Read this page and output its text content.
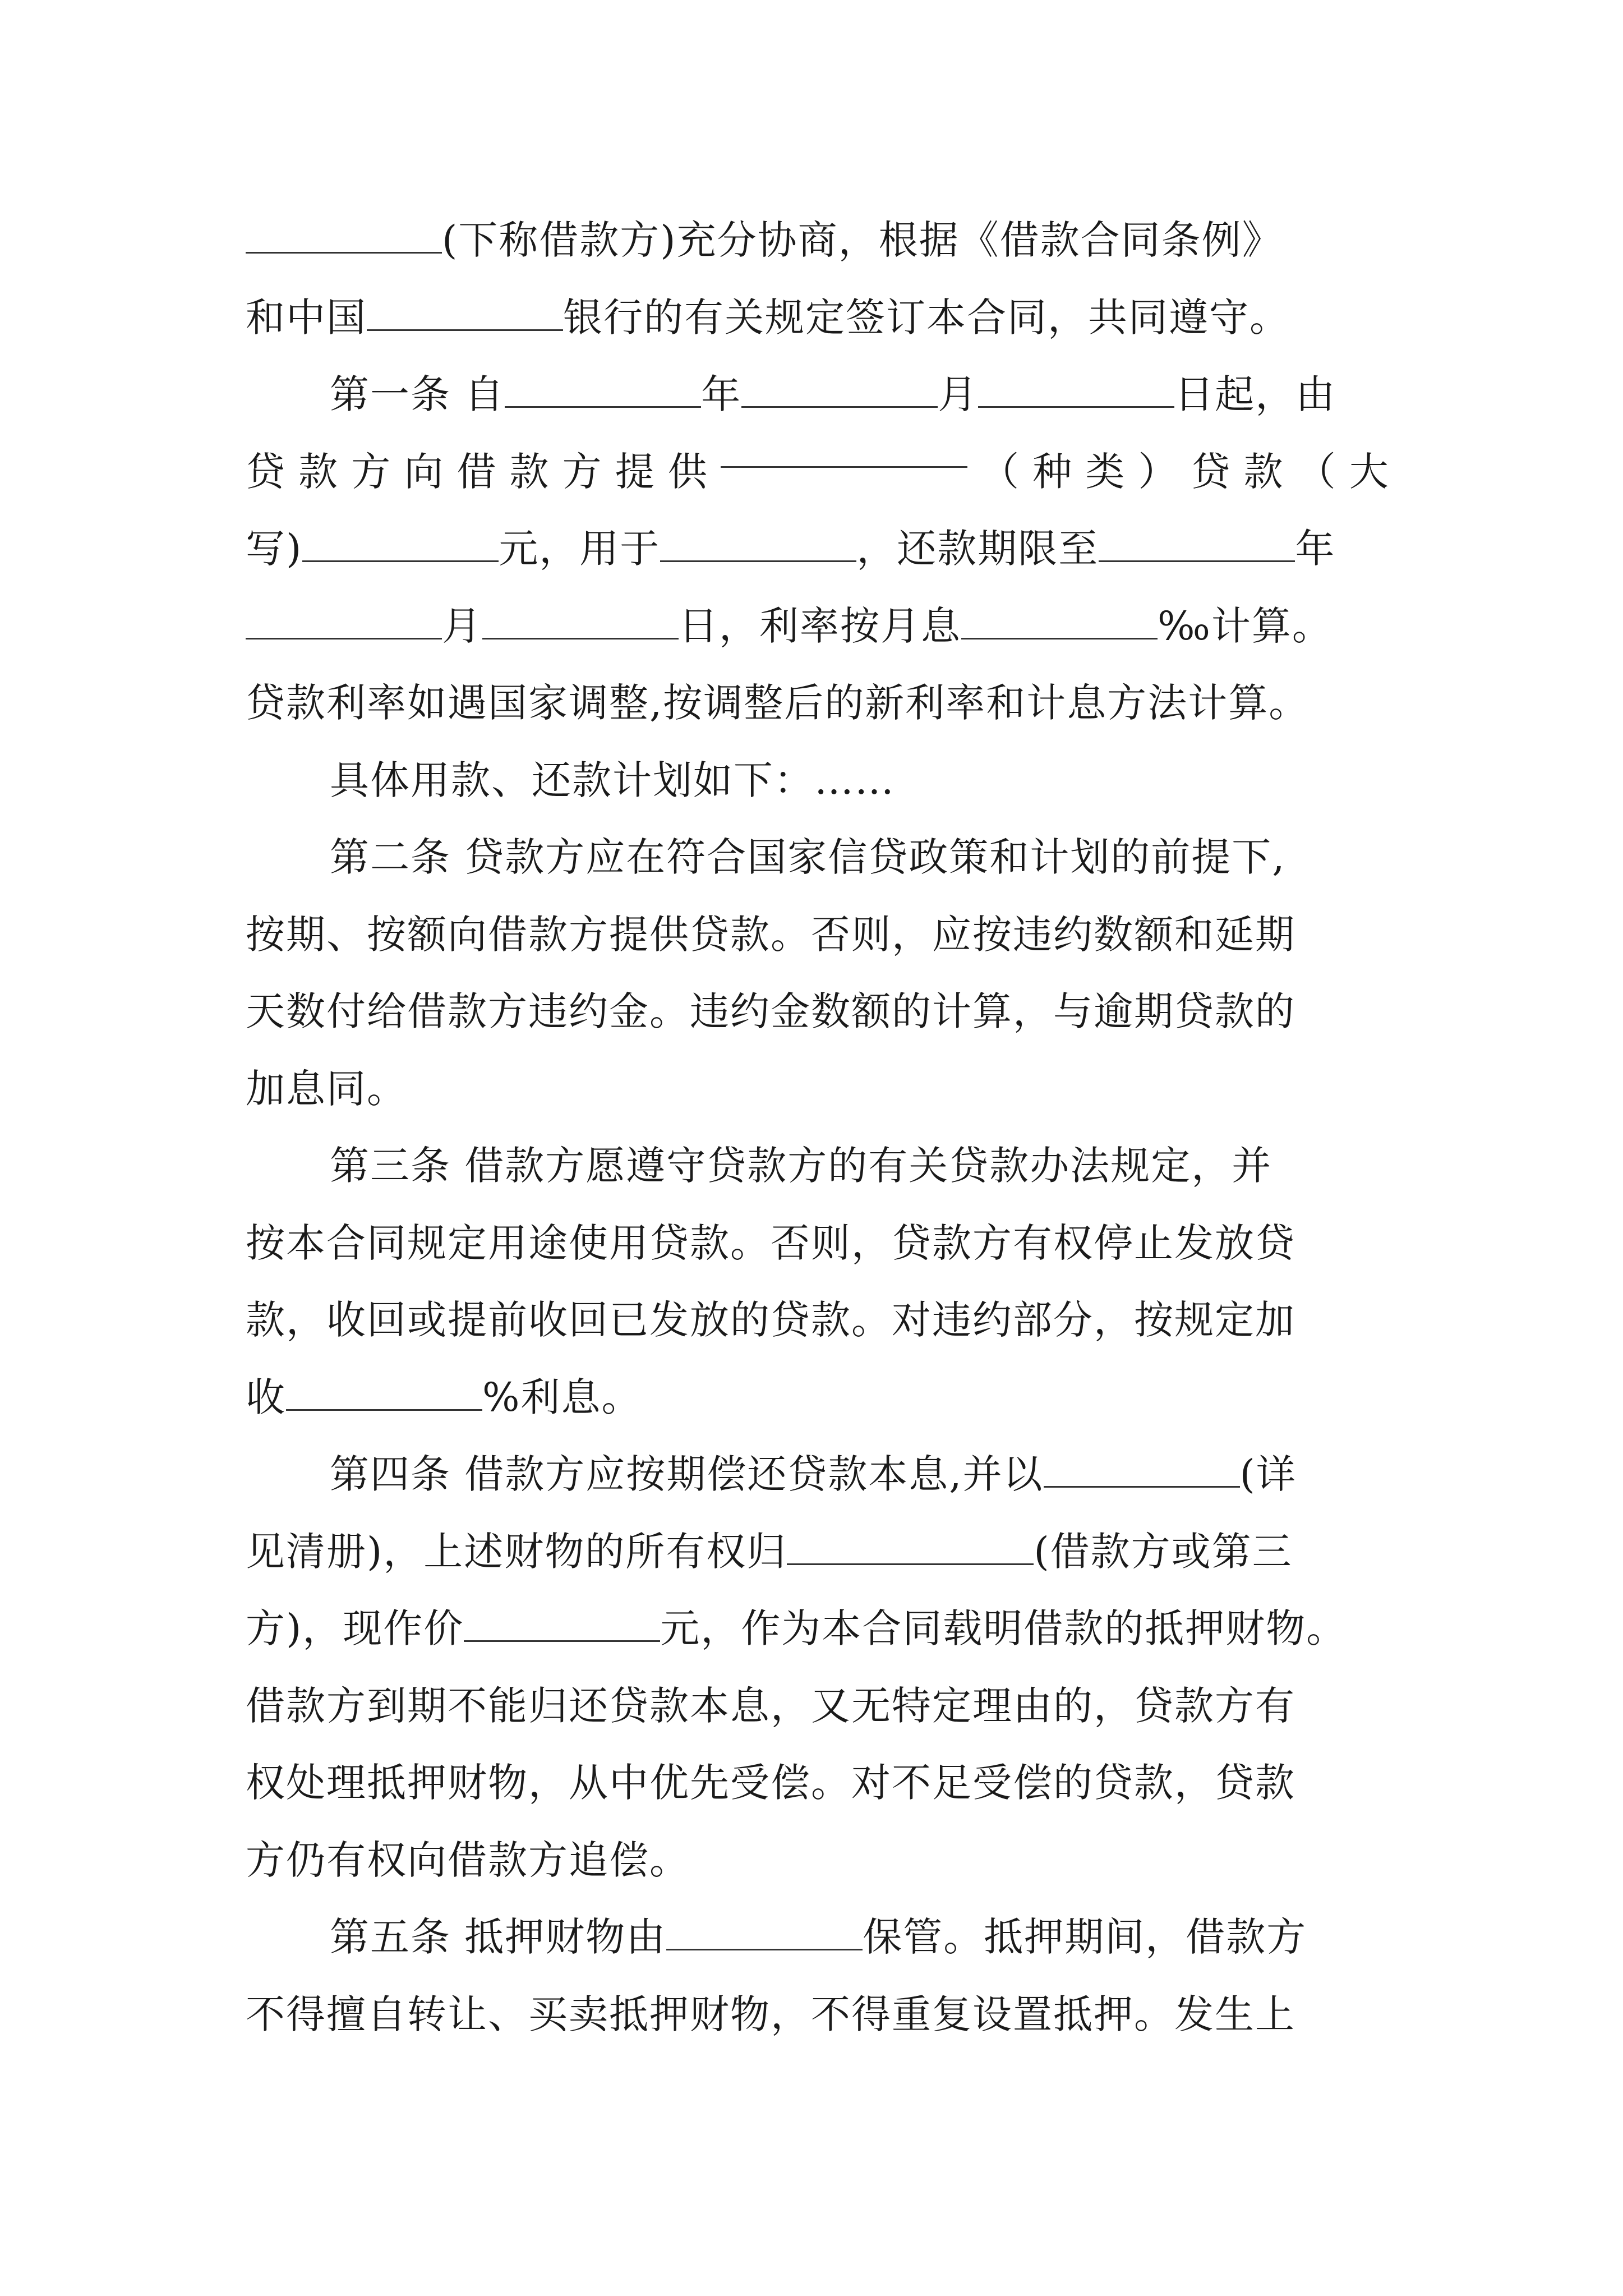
(下称借款方)充分协商，根据《借款合同条例》
和中国	银行的有关规定签订本合同，共同遵守。
第一条 自	年	月	日起，由
贷 款 方 向 借 款 方 提 供	（ 种 类 ） 贷 款 （ 大
写)	元，用于	，还款期限至	年
月	日，利率按月息	‰计算。
贷款利率如遇国家调整,按调整后的新利率和计息方法计算。
具体用款、还款计划如下：……
第二条 贷款方应在符合国家信贷政策和计划的前提下,
按期、按额向借款方提供贷款。否则，应按违约数额和延期
天数付给借款方违约金。违约金数额的计算，与逾期贷款的
加息同。
第三条 借款方愿遵守贷款方的有关贷款办法规定，并
按本合同规定用途使用贷款。否则，贷款方有权停止发放贷
款，收回或提前收回已发放的贷款。对违约部分，按规定加
收	%利息。
第四条 借款方应按期偿还贷款本息,并以	(详
见清册)，上述财物的所有权归	(借款方或第三
方)，现作价	元，作为本合同载明借款的抵押财物。
借款方到期不能归还贷款本息，又无特定理由的，贷款方有
权处理抵押财物，从中优先受偿。对不足受偿的贷款，贷款
方仍有权向借款方追偿。
第五条 抵押财物由	保管。抵押期间，借款方
不得擅自转让、买卖抵押财物，不得重复设置抵押。发生上
